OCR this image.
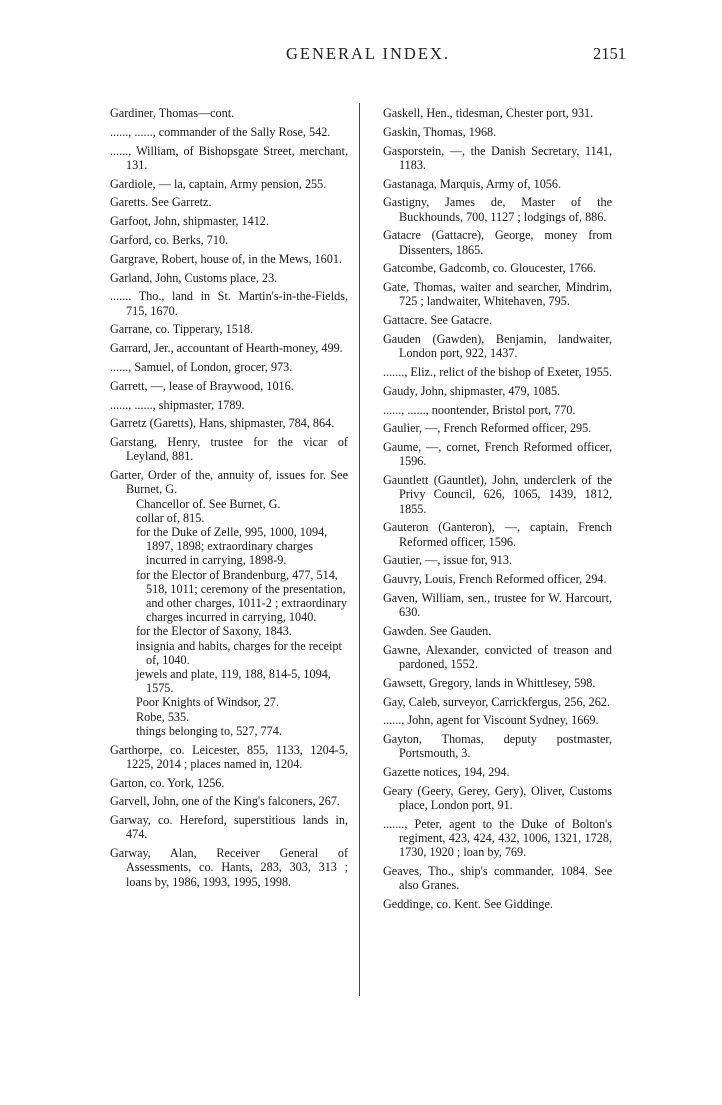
GENERAL INDEX.	2151
Gardiner, Thomas—cont.
......, ......, commander of the Sally Rose, 542.
......, William, of Bishopsgate Street, merchant, 131.
Gardiole, — la, captain, Army pension, 255.
Garetts. See Garretz.
Garfoot, John, shipmaster, 1412.
Garford, co. Berks, 710.
Gargrave, Robert, house of, in the Mews, 1601.
Garland, John, Customs place, 23.
....... Tho., land in St. Martin's-in-the-Fields, 715, 1670.
Garrane, co. Tipperary, 1518.
Garrard, Jer., accountant of Hearth-money, 499.
......, Samuel, of London, grocer, 973.
Garrett, —, lease of Braywood, 1016.
......, ......, shipmaster, 1789.
Garretz (Garetts), Hans, shipmaster, 784, 864.
Garstang, Henry, trustee for the vicar of Leyland, 881.
Garter, Order of the, annuity of, issues for. See Burnet, G.
Chancellor of. See Burnet, G.
collar of, 815.
for the Duke of Zelle, 995, 1000, 1094, 1897, 1898; extraordinary charges incurred in carrying, 1898-9.
for the Elector of Brandenburg, 477, 514, 518, 1011; ceremony of the presentation, and other charges, 1011-2 ; extraordinary charges incurred in carrying, 1040.
for the Elector of Saxony, 1843.
insignia and habits, charges for the receipt of, 1040.
jewels and plate, 119, 188, 814-5, 1094, 1575.
Poor Knights of Windsor, 27.
Robe, 535.
things belonging to, 527, 774.
Garthorpe, co. Leicester, 855, 1133, 1204-5, 1225, 2014 ; places named in, 1204.
Garton, co. York, 1256.
Garvell, John, one of the King's falconers, 267.
Garway, co. Hereford, superstitious lands in, 474.
Garway, Alan, Receiver General of Assessments, co. Hants, 283, 303, 313 ; loans by, 1986, 1993, 1995, 1998.
Gaskell, Hen., tidesman, Chester port, 931.
Gaskin, Thomas, 1968.
Gasporstein, —, the Danish Secretary, 1141, 1183.
Gastanaga, Marquis, Army of, 1056.
Gastigny, James de, Master of the Buckhounds, 700, 1127 ; lodgings of, 886.
Gatacre (Gattacre), George, money from Dissenters, 1865.
Gatcombe, Gadcomb, co. Gloucester, 1766.
Gate, Thomas, waiter and searcher, Mindrim, 725 ; landwaiter, Whitehaven, 795.
Gattacre. See Gatacre.
Gauden (Gawden), Benjamin, landwaiter, London port, 922, 1437.
......., Eliz., relict of the bishop of Exeter, 1955.
Gaudy, John, shipmaster, 479, 1085.
......, ......, noontender, Bristol port, 770.
Gaulier, —, French Reformed officer, 295.
Gaume, —, cornet, French Reformed officer, 1596.
Gauntlett (Gauntlet), John, underclerk of the Privy Council, 626, 1065, 1439, 1812, 1855.
Gauteron (Ganteron), —, captain, French Reformed officer, 1596.
Gautier, —, issue for, 913.
Gauvry, Louis, French Reformed officer, 294.
Gaven, William, sen., trustee for W. Harcourt, 630.
Gawden. See Gauden.
Gawne, Alexander, convicted of treason and pardoned, 1552.
Gawsett, Gregory, lands in Whittlesey, 598.
Gay, Caleb, surveyor, Carrickfergus, 256, 262.
......, John, agent for Viscount Sydney, 1669.
Gayton, Thomas, deputy postmaster, Portsmouth, 3.
Gazette notices, 194, 294.
Geary (Geery, Gerey, Gery), Oliver, Customs place, London port, 91.
......., Peter, agent to the Duke of Bolton's regiment, 423, 424, 432, 1006, 1321, 1728, 1730, 1920 ; loan by, 769.
Geaves, Tho., ship's commander, 1084. See also Granes.
Geddinge, co. Kent. See Giddinge.
